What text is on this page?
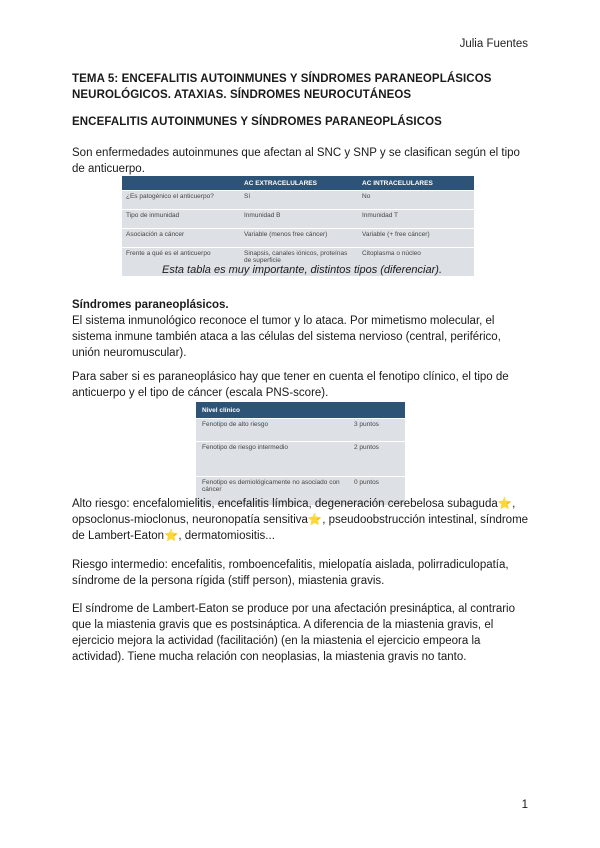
Julia Fuentes
TEMA 5: ENCEFALITIS AUTOINMUNES Y SÍNDROMES PARANEOPLÁSICOS NEUROLÓGICOS. ATAXIAS. SÍNDROMES NEUROCUTÁNEOS
ENCEFALITIS AUTOINMUNES Y SÍNDROMES PARANEOPLÁSICOS
Son enfermedades autoinmunes que afectan al SNC y SNP y se clasifican según el tipo de anticuerpo.
	AC EXTRACELULARES	AC INTRACELULARES
¿Es patogénico el anticuerpo?	Sí	No
Tipo de inmunidad	Inmunidad B	Inmunidad T
Asociación a cáncer	Variable (menos free cáncer)	Variable (+ free cáncer)
Frente a qué es el anticuerpo	Sinapsis, canales iónicos, proteínas de superficie	Citoplasma o núcleo
Esta tabla es muy importante, distintos tipos (diferenciar).
Síndromes paraneoplásicos.
El sistema inmunológico reconoce el tumor y lo ataca. Por mimetismo molecular, el sistema inmune también ataca a las células del sistema nervioso (central, periférico, unión neuromuscular).
Para saber si es paraneoplásico hay que tener en cuenta el fenotipo clínico, el tipo de anticuerpo y el tipo de cáncer (escala PNS-score).
Nivel clínico	
Fenotipo de alto riesgo	3 puntos
Fenotipo de riesgo intermedio	2 puntos
Fenotipo es demiológicamente no asociado con cáncer	0 puntos
Alto riesgo: encefalomielitis, encefalitis límbica, degeneración cerebelosa subaguda⭐, opsoclonus-mioclonus, neuronopatía sensitiva⭐, pseudoobstrucción intestinal, síndrome de Lambert-Eaton⭐, dermatomiositis...
Riesgo intermedio: encefalitis, romboencefalitis, mielopatía aislada, polirradiculopatía, síndrome de la persona rígida (stiff person), miastenia gravis.
El síndrome de Lambert-Eaton se produce por una afectación presináptica, al contrario que la miastenia gravis que es postsináptica. A diferencia de la miastenia gravis, el ejercicio mejora la actividad (facilitación) (en la miastenia el ejercicio empeora la actividad). Tiene mucha relación con neoplasias, la miastenia gravis no tanto.
1
